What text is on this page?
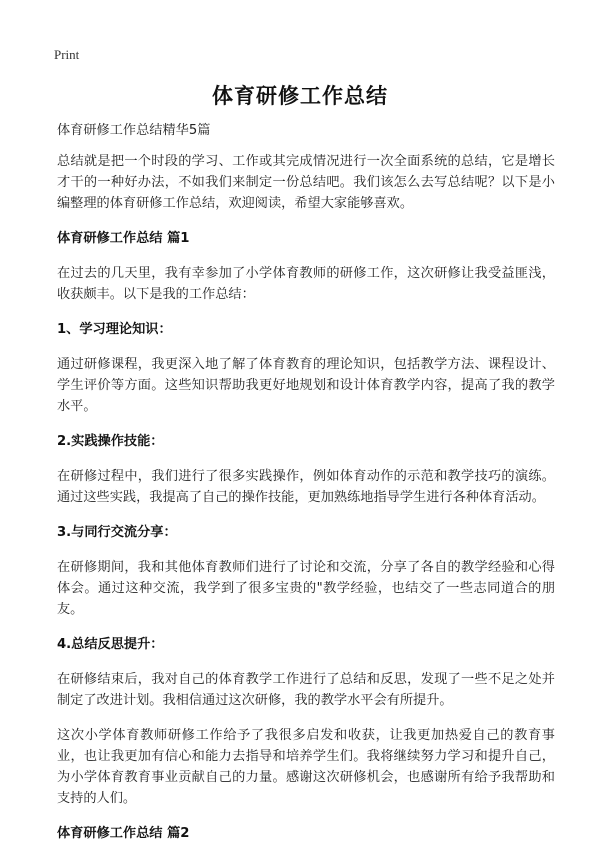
Print
体育研修工作总结

体育研修工作总结精华5篇

总结就是把一个时段的学习、工作或其完成情况进行一次全面系统的总结，它是增长才干的一种好办法，不如我们来制定一份总结吧。我们该怎么去写总结呢？以下是小编整理的体育研修工作总结，欢迎阅读，希望大家能够喜欢。

体育研修工作总结 篇1

在过去的几天里，我有幸参加了小学体育教师的研修工作，这次研修让我受益匪浅，收获颇丰。以下是我的工作总结：

1、学习理论知识：

通过研修课程，我更深入地了解了体育教育的理论知识，包括教学方法、课程设计、学生评价等方面。这些知识帮助我更好地规划和设计体育教学内容，提高了我的教学水平。

2.实践操作技能：

在研修过程中，我们进行了很多实践操作，例如体育动作的示范和教学技巧的演练。通过这些实践，我提高了自己的操作技能，更加熟练地指导学生进行各种体育活动。

3.与同行交流分享：

在研修期间，我和其他体育教师们进行了讨论和交流，分享了各自的教学经验和心得体会。通过这种交流，我学到了很多宝贵的"教学经验，也结交了一些志同道合的朋友。

4.总结反思提升：

在研修结束后，我对自己的体育教学工作进行了总结和反思，发现了一些不足之处并制定了改进计划。我相信通过这次研修，我的教学水平会有所提升。

这次小学体育教师研修工作给予了我很多启发和收获，让我更加热爱自己的教育事业，也让我更加有信心和能力去指导和培养学生们。我将继续努力学习和提升自己，为小学体育教育事业贡献自己的力量。感谢这次研修机会，也感谢所有给予我帮助和支持的人们。

体育研修工作总结 篇2
